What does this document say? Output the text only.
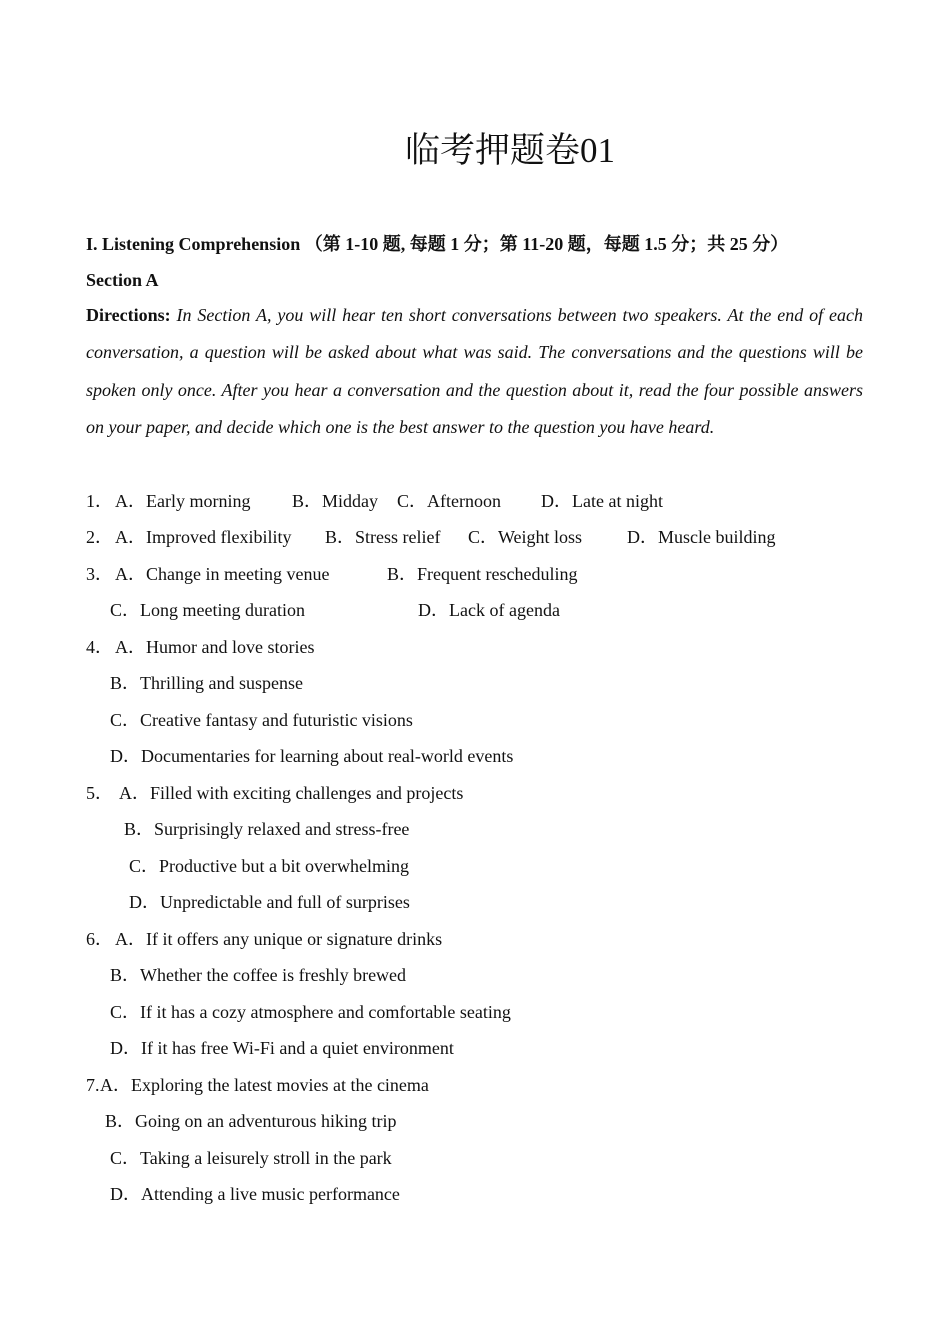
临考押题卷01
I. Listening Comprehension （第 1-10 题, 每题 1 分；第 11-20 题，每题 1.5 分；共 25 分）
Section A
Directions: In Section A, you will hear ten short conversations between two speakers. At the end of each conversation, a question will be asked about what was said. The conversations and the questions will be spoken only once. After you hear a conversation and the question about it, read the four possible answers on your paper, and decide which one is the best answer to the question you have heard.
1． A．Early morning B．Midday C．Afternoon D．Late at night
2． A．Improved flexibility B．Stress relief C．Weight loss D．Muscle building
3． A．Change in meeting venue	B．Frequent rescheduling
C．Long meeting duration	D．Lack of agenda
4． A．Humor and love stories
B．Thrilling and suspense
C．Creative fantasy and futuristic visions
D．Documentaries for learning about real-world events
5． A．Filled with exciting challenges and projects
B．Surprisingly relaxed and stress-free
C．Productive but a bit overwhelming
D．Unpredictable and full of surprises
6． A．If it offers any unique or signature drinks
B．Whether the coffee is freshly brewed
C．If it has a cozy atmosphere and comfortable seating
D．If it has free Wi-Fi and a quiet environment
7. A．Exploring the latest movies at the cinema
B．Going on an adventurous hiking trip
C．Taking a leisurely stroll in the park
D．Attending a live music performance
